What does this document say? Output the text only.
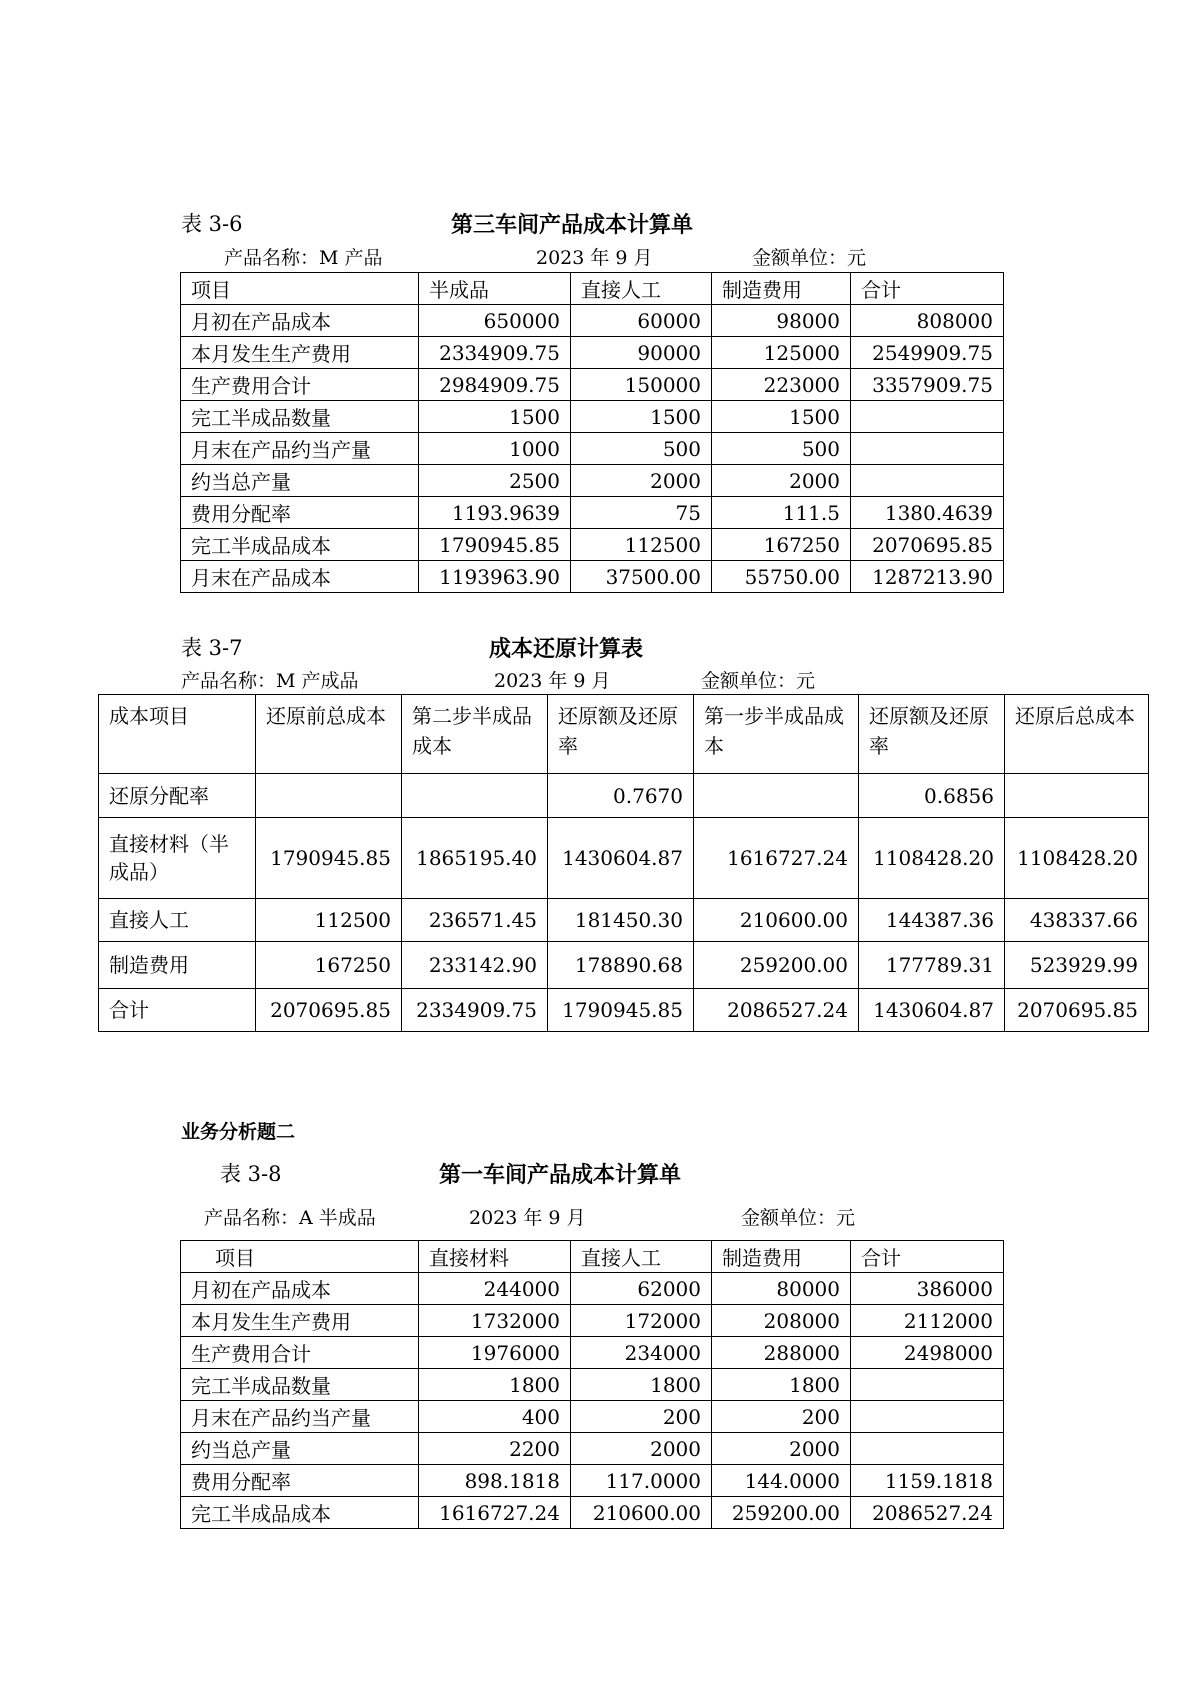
表 3-6	第三车间产品成本计算单
产品名称：M 产品	2023 年 9 月	金额单位：元
项目	半成品	直接人工	制造费用	合计
月初在产品成本	650000	60000	98000	808000
本月发生生产费用	2334909.75	90000	125000	2549909.75
生产费用合计	2984909.75	150000	223000	3357909.75
完工半成品数量	1500	1500	1500	
月末在产品约当产量	1000	500	500	
约当总产量	2500	2000	2000	
费用分配率	1193.9639	75	111.5	1380.4639
完工半成品成本	1790945.85	112500	167250	2070695.85
月末在产品成本	1193963.90	37500.00	55750.00	1287213.90
表 3-7	成本还原计算表
产品名称：M 产成品	2023 年 9 月	金额单位：元
成本项目	还原前总成本	第二步半成品成本	还原额及还原率	第一步半成品成本	还原额及还原率	还原后总成本
还原分配率			0.7670		0.6856	
直接材料（半成品）	1790945.85	1865195.40	1430604.87	1616727.24	1108428.20	1108428.20
直接人工	112500	236571.45	181450.30	210600.00	144387.36	438337.66
制造费用	167250	233142.90	178890.68	259200.00	177789.31	523929.99
合计	2070695.85	2334909.75	1790945.85	2086527.24	1430604.87	2070695.85
业务分析题二
表 3-8	第一车间产品成本计算单
产品名称：A 半成品	2023 年 9 月	金额单位：元
项目	直接材料	直接人工	制造费用	合计
月初在产品成本	244000	62000	80000	386000
本月发生生产费用	1732000	172000	208000	2112000
生产费用合计	1976000	234000	288000	2498000
完工半成品数量	1800	1800	1800	
月末在产品约当产量	400	200	200	
约当总产量	2200	2000	2000	
费用分配率	898.1818	117.0000	144.0000	1159.1818
完工半成品成本	1616727.24	210600.00	259200.00	2086527.24
